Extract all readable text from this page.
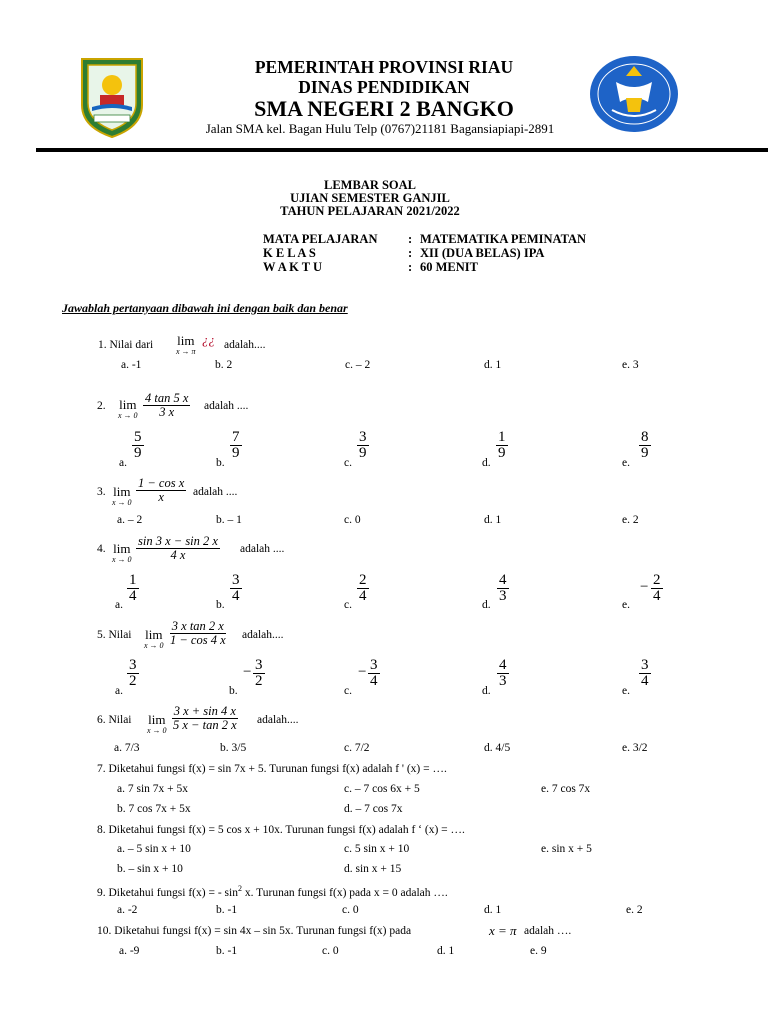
PEMERINTAH PROVINSI RIAU
DINAS PENDIDIKAN
SMA NEGERI 2 BANGKO
Jalan SMA kel. Bagan Hulu Telp (0767)21181 Bagansiapiapi-2891
LEMBAR SOAL
UJIAN SEMESTER GANJIL
TAHUN PELAJARAN 2021/2022
MATA PELAJARAN : MATEMATIKA PEMINATAN
K E L A S	: XII (DUA BELAS) IPA
W A K T U	: 60 MENIT
Jawablah pertanyaan dibawah ini dengan baik dan benar
1. Nilai dari lim
x → π
¿¿ adalah....
a. -1	b. 2	c. – 2	d. 1	e. 3
2. lim
$x \to 0 \frac{4 \tan 5 x}{3 x}$ adalah ....
a.
$\frac{5}{9}$
b.
$\frac{7}{9}$
c.
$\frac{3}{9}$
d.
$\frac{1}{9}$
e.
$\frac{8}{9}$
3. lim
$x \to 0 \frac{\text{1 − cos x}}{x}$ adalah ....
a. – 2	b. – 1	c. 0	d. 1	e. 2
4. lim
$x \to 0 \frac{\sin 3 x - \sin 2 x}{4 x}$ adalah ....
a.
$\frac{1}{4}$
b.
$\frac{3}{4}$
c.
$\frac{2}{4}$
d.
$\frac{4}{3}$
e.
− $\frac{2}{4}$
5. Nilai lim
$x \to 0 \frac{\text{3 x tan 2 x}}{1 - \cos 4 x}$ adalah....
a.
$\frac{3}{2}$
b.
− $\frac{3}{2}$
c.
− $\frac{3}{4}$
d.
$\frac{4}{3}$
e.
$\frac{3}{4}$
6. Nilai lim
$x \to 0 \frac{3 x + \sin 4 x}{5 x - \tan 2 x}$ adalah....
a. 7/3	b. 3/5	c. 7/2	d. 4/5	e. 3/2
7. Diketahui fungsi f(x) = sin 7x + 5. Turunan fungsi f(x) adalah f ' (x) = ….
a. 7 sin 7x + 5x	c. – 7 cos 6x + 5	e. 7 cos 7x
b. 7 cos 7x + 5x	d. – 7 cos 7x
8. Diketahui fungsi f(x) = 5 cos x + 10x. Turunan fungsi f(x) adalah f ‘ (x) = ….
a. – 5 sin x + 10	c. 5 sin x + 10	e. sin x + 5
b. – sin x + 10	d. sin x + 15
9. Diketahui fungsi f(x) = - $\sin^2 x$. Turunan fungsi f(x) pada x = 0 adalah ….
a. -2	b. -1	c. 0	d. 1	e. 2
10. Diketahui fungsi f(x) = sin 4x – sin 5x. Turunan fungsi f(x) pada	x = π adalah ….
a. -9	b. -1	c. 0	d. 1	e. 9
